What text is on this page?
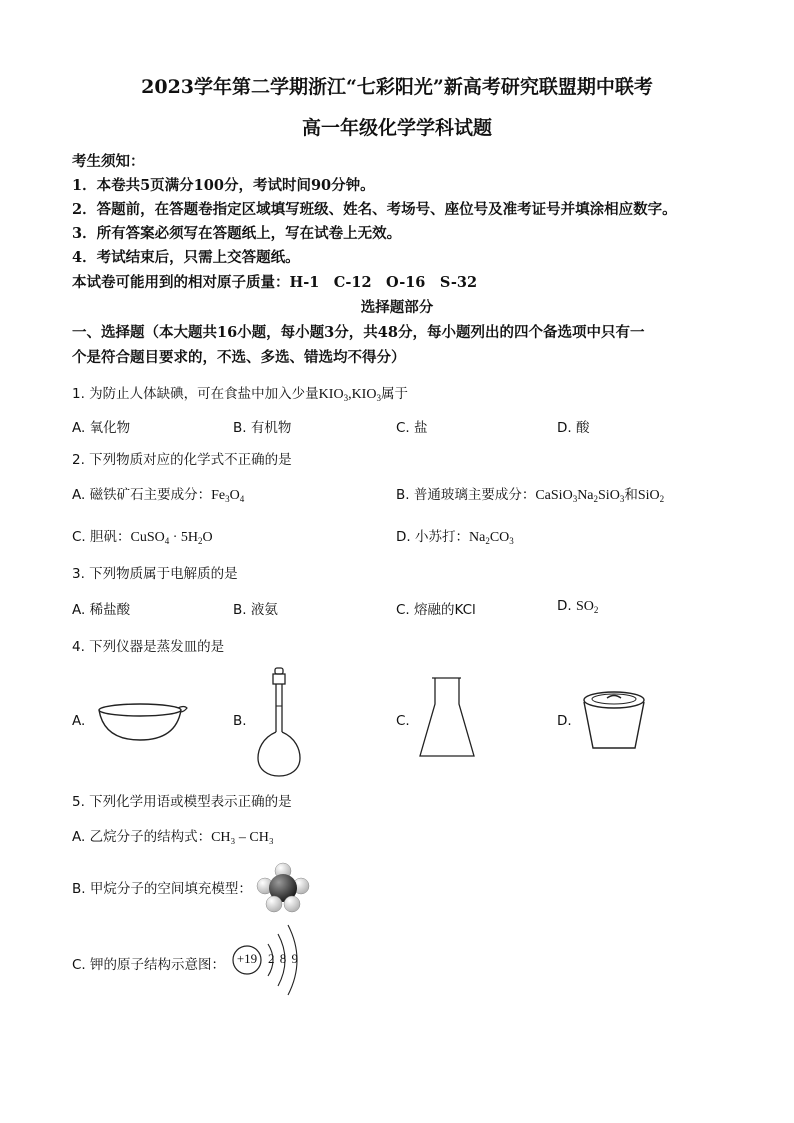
2023学年第二学期浙江“七彩阳光”新高考研究联盟期中联考
高一年级化学学科试题
考生须知：
1．本卷共5页满分100分，考试时间90分钟。
2．答题前，在答题卷指定区域填写班级、姓名、考场号、座位号及准考证号并填涂相应数字。
3．所有答案必须写在答题纸上，写在试卷上无效。
4．考试结束后，只需上交答题纸。
本试卷可能用到的相对原子质量：H-1　C-12　O-16　S-32
选择题部分
一、选择题（本大题共16小题，每小题3分，共48分，每小题列出的四个备选项中只有一
个是符合题目要求的，不选、多选、错选均不得分）
1. 为防止人体缺碘，可在食盐中加入少量$KIO_3,KIO_3$属于
A. 氧化物	B. 有机物	C. 盐	D. 酸
2. 下列物质对应的化学式不正确的是
A. 磁铁矿石主要成分：$Fe_3O_4$	B. 普通玻璃主要成分：$CaSiO_3Na_2SiO_3$和SiO$_2$
C. 胆矾：CuSO$_4$ · $5H_2O$	D. 小苏打：$Na_2CO_3$
3. 下列物质属于电解质的是
A. 稀盐酸	B. 液氨	C. 熔融的KCl	D. $SO_2$
4. 下列仪器是蒸发皿的是
A.	B.	C.	D.
5. 下列化学用语或模型表示正确的是
A. 乙烷分子的结构式：CH₃ – CH₃
B. 甲烷分子的空间填充模型：
C. 钾的原子结构示意图： +19 2 8 9
